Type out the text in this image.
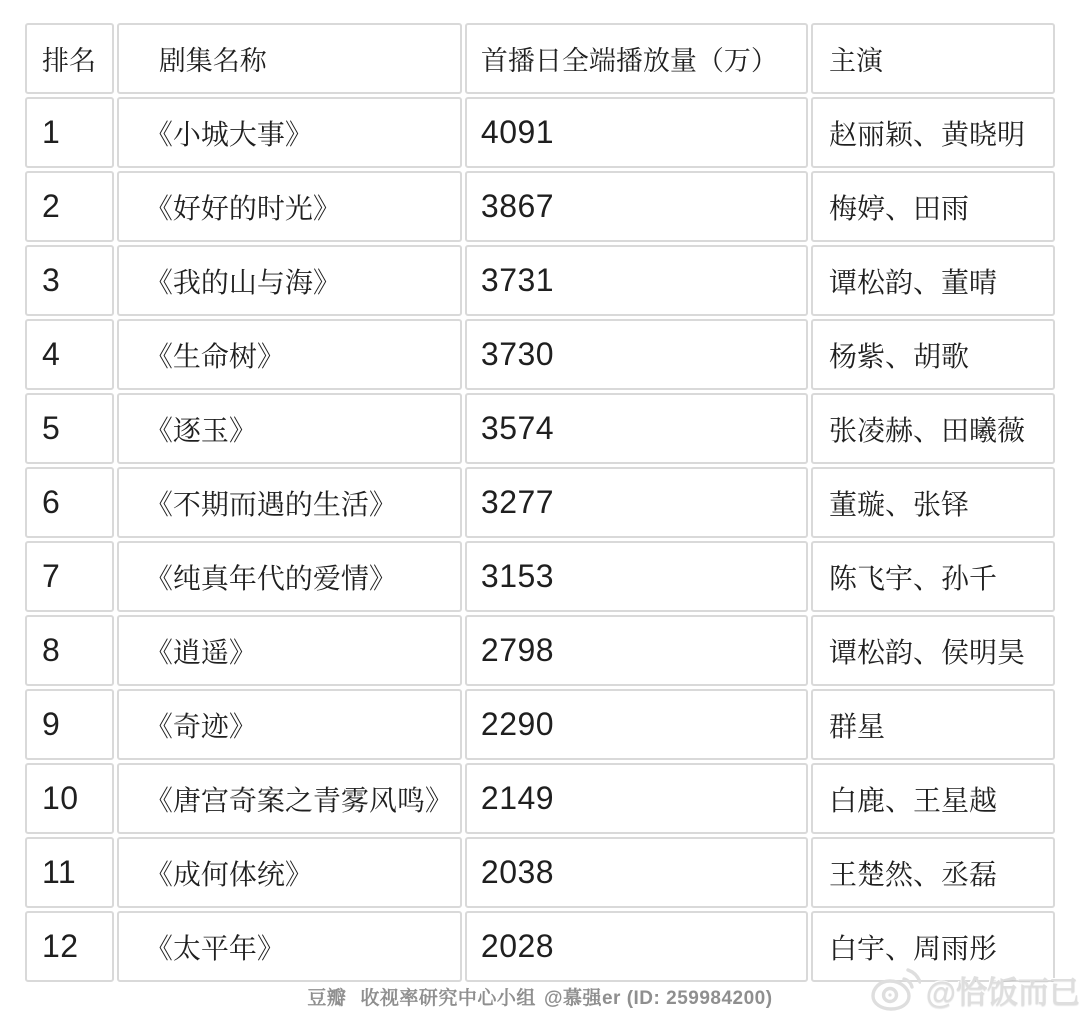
排名	剧集名称	首播日全端播放量（万）	主演
1	《小城大事》	4091	赵丽颖、黄晓明
2	《好好的时光》	3867	梅婷、田雨
3	《我的山与海》	3731	谭松韵、董晴
4	《生命树》	3730	杨紫、胡歌
5	《逐玉》	3574	张凌赫、田曦薇
6	《不期而遇的生活》	3277	董璇、张铎
7	《纯真年代的爱情》	3153	陈飞宇、孙千
8	《逍遥》	2798	谭松韵、侯明昊
9	《奇迹》	2290	群星
10	《唐宫奇案之青雾风鸣》	2149	白鹿、王星越
11	《成何体统》	2038	王楚然、丞磊
12	《太平年》	2028	白宇、周雨彤
豆瓣 收视率研究中心小组 @慕强er (ID: 259984200)	@恰饭而已
